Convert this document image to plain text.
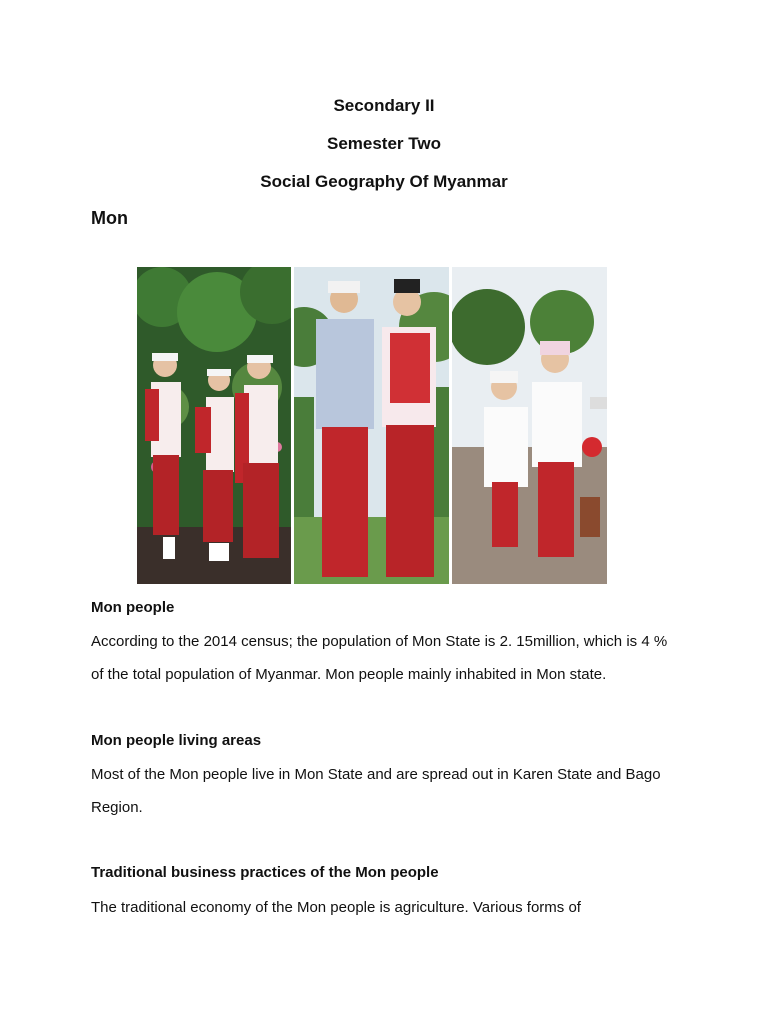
Secondary II
Semester Two
Social Geography Of Myanmar
Mon
Mon people
According to the 2014 census; the population of Mon State is 2. 15million, which is 4 % of the total population of Myanmar. Mon people mainly inhabited in Mon state.
Mon people living areas
Most of the Mon people live in Mon State and are spread out in Karen State and Bago Region.
Traditional business practices of the Mon people
The traditional economy of the Mon people is agriculture. Various forms of
